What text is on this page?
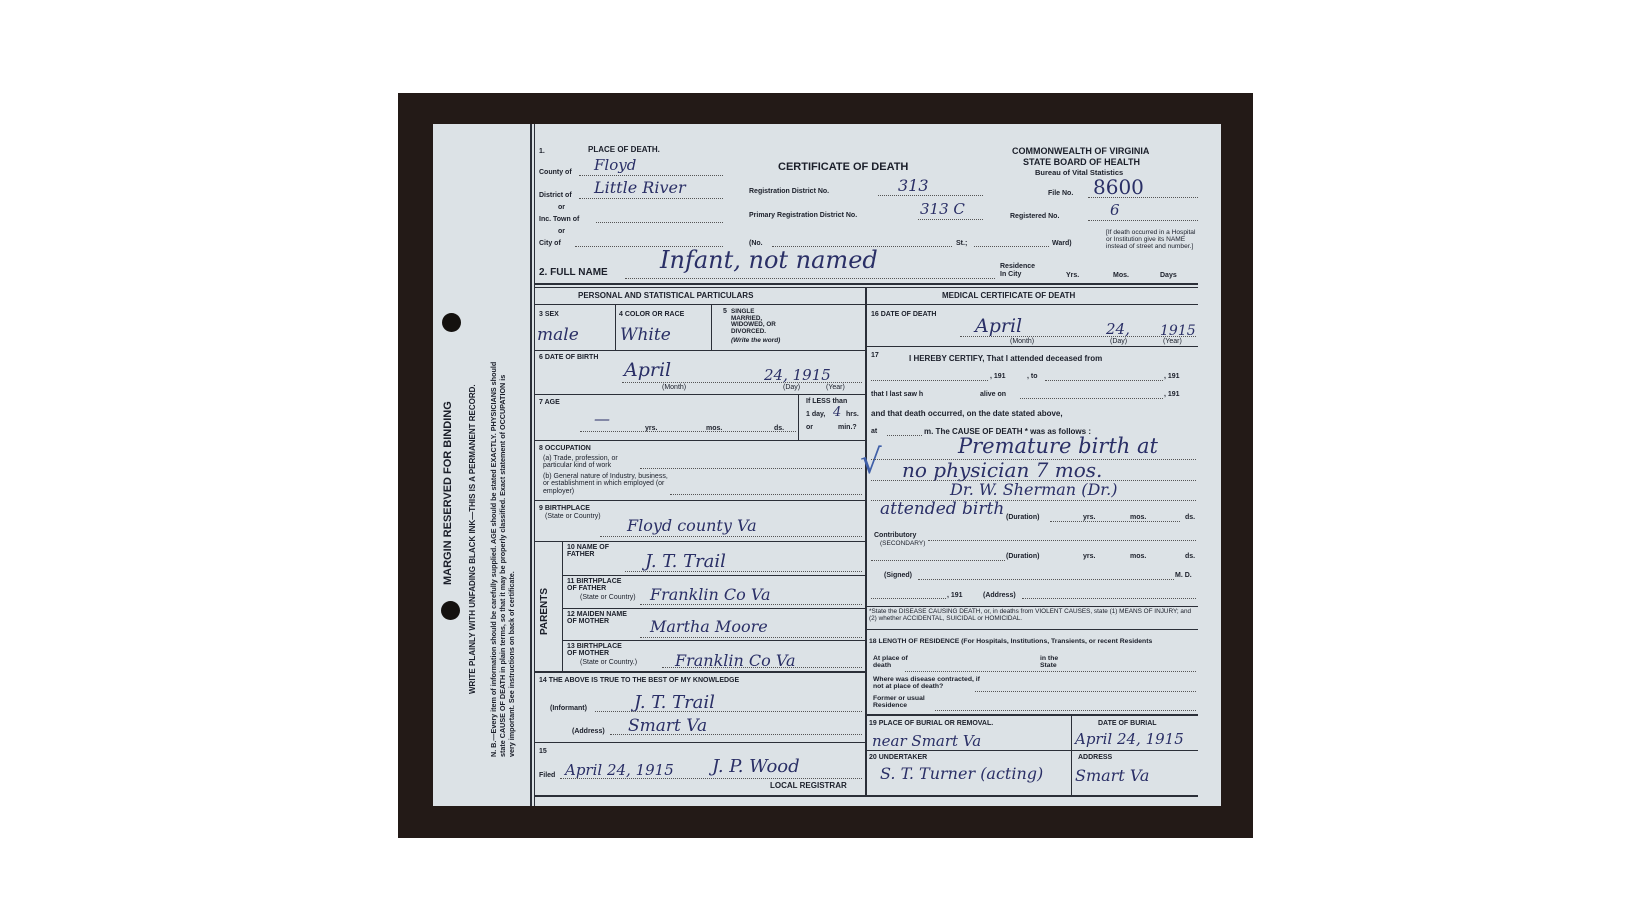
MARGIN RESERVED FOR BINDING WRITE PLAINLY WITH UNFADING BLACK INK—THIS IS A PERMANENT RECORD. N. B.—Every item of information should be carefully supplied. AGE should be stated EXACTLY. PHYSICIANS should state CAUSE OF DEATH in plain terms, so that it may be properly classified. Exact statement of OCCUPATION is very important. See instructions on back of certificate.
1.	PLACE OF DEATH.
CERTIFICATE OF DEATH
COMMONWEALTH OF VIRGINIA
STATE BOARD OF HEALTH
Bureau of Vital Statistics
County of Floyd
District of Little River
or
Inc. Town of
or
City of
Registration District No.	313
Primary Registration District No.	313 C
File No. 8600
Registered No.	6
(No.	St.;	Ward)
[If death occurred in a Hospital or Institution give its NAME instead of street and number.]
2. FULL NAME Infant, not named	Residence
In City	Yrs.	Mos.	Days
PERSONAL AND STATISTICAL PARTICULARS	MEDICAL CERTIFICATE OF DEATH
3 SEX
male
4 COLOR OR RACE
White
5 SINGLE MARRIED, WIDOWED, OR DIVORCED.
(Write the word)
6 DATE OF BIRTH
April	24, 1915
(Month)	(Day)	(Year)
7 AGE
—
yrs.	mos.	ds.
If LESS than
1 day, 4 hrs.
or	min.?
8 OCCUPATION
(a) Trade, profession, or particular kind of work
(b) General nature of Industry, business, or establishment in which employed (or employer)
9 BIRTHPLACE
(State or Country) Floyd county Va
PARENTS
10 NAME OF FATHER	J. T. Trail
11 BIRTHPLACE OF FATHER
(State or Country) Franklin Co Va
12 MAIDEN NAME OF MOTHER	Martha Moore
13 BIRTHPLACE OF MOTHER
(State or Country.) Franklin Co Va
14 THE ABOVE IS TRUE TO THE BEST OF MY KNOWLEDGE
(Informant)	J. T. Trail
(Address) Smart Va
15
Filed April 24, 1915 J. P. Wood
LOCAL REGISTRAR
16 DATE OF DEATH
April	24, 1915
(Month)	(Day)	(Year)
17	I HEREBY CERTIFY, That I attended deceased from
, 191	, to	, 191
that I last saw h	alive on	, 191
and that death occurred, on the date stated above,
at	m. The CAUSE OF DEATH * was as follows :
√	Premature birth at
no physician 7 mos.
Dr. W. Sherman (Dr.)
attended birth (Duration)	yrs.	mos.	ds.
Contributory
(SECONDARY)
(Duration)	yrs.	mos.	ds.
(Signed)	M. D.
, 191	(Address)
*State the DISEASE CAUSING DEATH, or, in deaths from VIOLENT CAUSES, state (1) MEANS OF INJURY; and (2) whether ACCIDENTAL, SUICIDAL or HOMICIDAL.
18 LENGTH OF RESIDENCE (For Hospitals, Institutions, Transients, or recent Residents
At place of death
in the State
Where was disease contracted, if not at place of death?
Former or usual Residence
19 PLACE OF BURIAL OR REMOVAL.
near Smart Va
DATE OF BURIAL
April 24, 1915
20 UNDERTAKER
S. T. Turner (acting)
ADDRESS
Smart Va
